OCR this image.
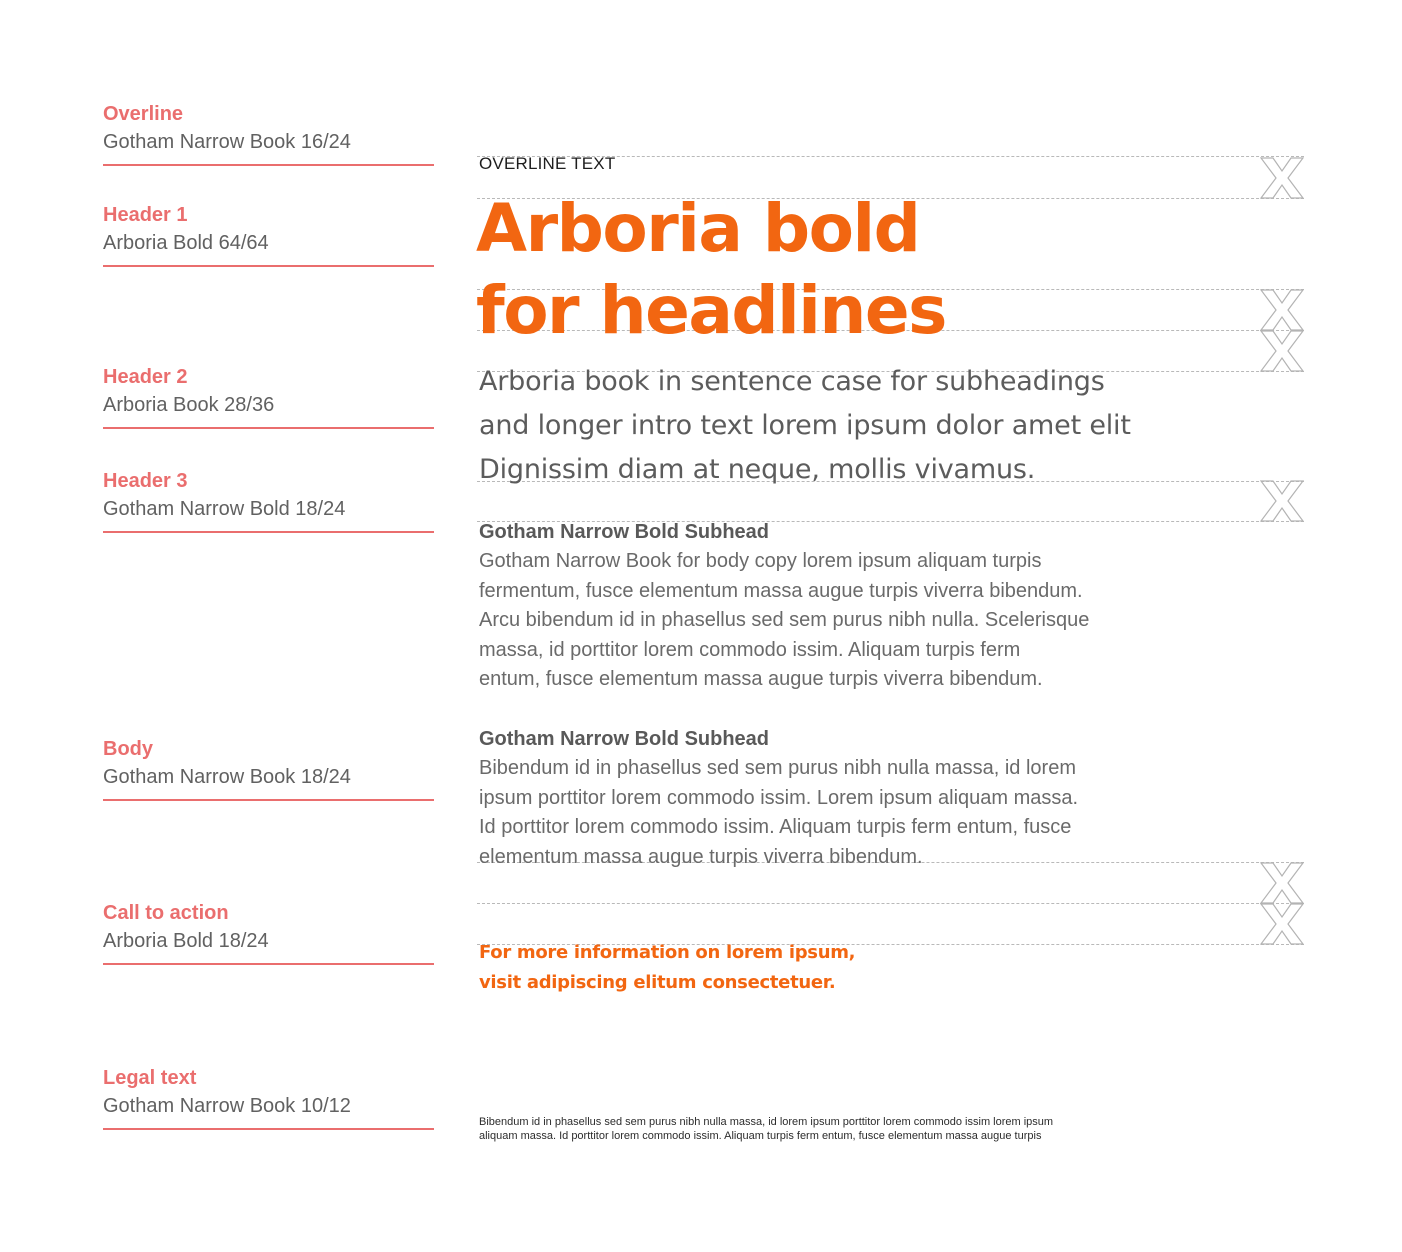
Overline
Gotham Narrow Book 16/24
Header 1
Arboria Bold 64/64
Header 2
Arboria Book 28/36
Header 3
Gotham Narrow Bold 18/24
Body
Gotham Narrow Book 18/24
Call to action
Arboria Bold 18/24
Legal text
Gotham Narrow Book 10/12
OVERLINE TEXT
Arboria bold
for headlines
Arboria book in sentence case for subheadings
and longer intro text lorem ipsum dolor amet elit
Dignissim diam at neque, mollis vivamus.
Gotham Narrow Bold Subhead
Gotham Narrow Book for body copy lorem ipsum aliquam turpis
fermentum, fusce elementum massa augue turpis viverra bibendum.
Arcu bibendum id in phasellus sed sem purus nibh nulla. Scelerisque
massa, id porttitor lorem commodo issim. Aliquam turpis ferm
entum, fusce elementum massa augue turpis viverra bibendum.
Gotham Narrow Bold Subhead
Bibendum id in phasellus sed sem purus nibh nulla massa, id lorem
ipsum porttitor lorem commodo issim. Lorem ipsum aliquam massa.
Id porttitor lorem commodo issim. Aliquam turpis ferm entum, fusce
elementum massa augue turpis viverra bibendum.
For more information on lorem ipsum,
visit adipiscing elitum consectetuer.
Bibendum id in phasellus sed sem purus nibh nulla massa, id lorem ipsum porttitor lorem commodo issim lorem ipsum
aliquam massa. Id porttitor lorem commodo issim. Aliquam turpis ferm entum, fusce elementum massa augue turpis
